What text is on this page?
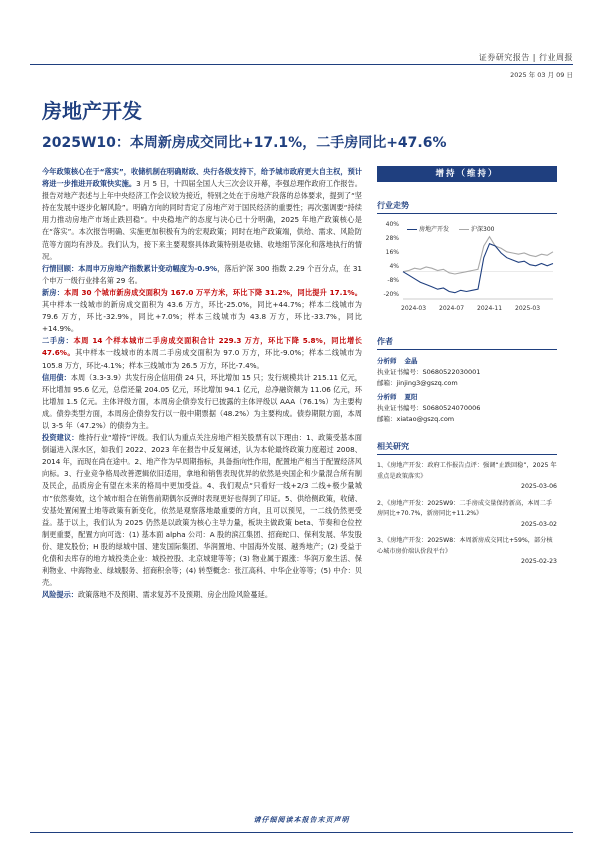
证券研究报告 | 行业周报
2025 年 03 月 09 日
房地产开发
2025W10：本周新房成交同比+17.1%，二手房同比+47.6%

今年政策核心在于“落实”，收储机制在明确财政、央行各级支持下，给予城市政府更大自主权，预计将进一步推进开政策快实施。3 月 5 日，十四届全国人大三次会议开幕，李强总理作政府工作报告。报告对地产表述与上年中央经济工作会议较为接近，特别之处在于房地产段落的总体要求，提到了“坚持在发展中逐步化解风险”。明确方向的同时肯定了房地产对于国民经济的重要性；再次强调要“持续用力推动房地产市场止跌回稳”。中央稳地产的态度与决心已十分明确，2025 年地产政策核心是在“落实”。本次报告明确、实施更加积极有为的宏观政策；同时在地产政策端，供给、需求、风险防范等方面均有涉及。我们认为，接下来主要观察具体政策特别是收储、收地细节深化和落地执行的情况。

行情回顾：本周申万房地产指数累计变动幅度为-0.9%，落后沪深 300 指数 2.29 个百分点，在 31 个申万一级行业排名第 29 名。

新房：本周 30 个城市新房成交面积为 167.0 万平方米，环比下降 31.2%，同比提升 17.1%。其中样本一线城市的新房成交面积为 43.6 万方，环比-25.0%，同比+44.7%；样本二线城市为 79.6 万方，环比-32.9%，同比+7.0%；样本三线城市为 43.8 万方，环比-33.7%，同比+14.9%。

二手房：本周 14 个样本城市二手房成交面积合计 229.3 万方，环比下降 5.8%，同比增长 47.6%。其中样本一线城市的本周二手房成交面积为 97.0 万方，环比-9.0%；样本二线城市为 105.8 万方，环比-4.1%；样本三线城市为 26.5 万方，环比-7.4%。

信用债：本周（3.3-3.9）共发行房企信用债 24 只，环比增加 15 只；发行规模共计 215.11 亿元，环比增加 95.6 亿元，总偿还量 204.05 亿元，环比增加 94.1 亿元，总净融资额为 11.06 亿元，环比增加 1.5 亿元。主体评级方面，本周房企债券发行已披露的主体评级以 AAA（76.1%）为主要构成。债券类型方面，本周房企债券发行以一般中期票据（48.2%）为主要构成。债券期限方面，本周以 3-5 年（47.2%）的债券为主。

投资建议：维持行业“增持”评级。我们认为重点关注房地产相关股票有以下理由：1、政策受基本面倒逼进入深水区，如我们 2022、2023 年在报告中反复阐述，认为本轮最终政策力度超过 2008、2014 年，而现在尚在途中。2、地产作为早周期指标，具备指向性作用，配置地产相当于配置经济风向标。3、行业竞争格局改善逻辑依旧适用，拿地和销售表现优异的依然是央国企和少量混合所有制及民企，品质房企有望在未来的格局中更加受益。4、我们观点“只看好一线+2/3 二线+极少量城市”依然奏效，这个城市组合在销售前期偶尔反弹时表现更好也得到了印证。5、供给侧政策，收储、安基处置闲置土地等政策有新变化，依然是观察落地最重要的方向，且可以预见，一二线仍然更受益。基于以上，我们认为 2025 仍然是以政策为核心主导力量，板块主做政策 beta、节奏和仓位控制更重要，配置方向可选：(1) 基本面 alpha 公司：A 股的滨江集团、招商蛇口、保利发展、华发股份、建发股份；H 股的绿城中国、建发国际集团、华润置地、中国海外发展、越秀地产；(2) 受益于化债和去库存的地方城投类企业：城投控股、北京城建等等；(3) 物业属于跟涨：华润万象生活、保利物业、中海物业、绿城服务、招商积余等；(4) 转型概念：张江高科、中华企业等等；(5) 中介：贝壳。

风险提示：政策落地不及预期、需求复苏不及预期、房企出险风险蔓延。

增持（维持）
行业走势
房地产开发	沪深300
40%
28%
16%
4%
-8%
-20%
2024-03 2024-07 2024-11 2025-03
作者
分析师 金晶
执业证书编号：S0680522030001
邮箱：jinjing3@gszq.com
分析师 夏阳
执业证书编号：S0680524070006
邮箱：xiatao@gszq.com
相关研究
1、《房地产开发：政府工作报告点评：强调“止跌回稳”，2025 年重点是政策落实》
2025-03-06
2、《房地产开发：2025W9：二手房成交量保持新高，本周二手房同比+70.7%，新房同比+11.2%》
2025-03-02
3、《房地产开发：2025W8：本周新房成交同比+59%，部分核心城市房价端认价段平台》
2025-02-23
请仔细阅读本报告末页声明
